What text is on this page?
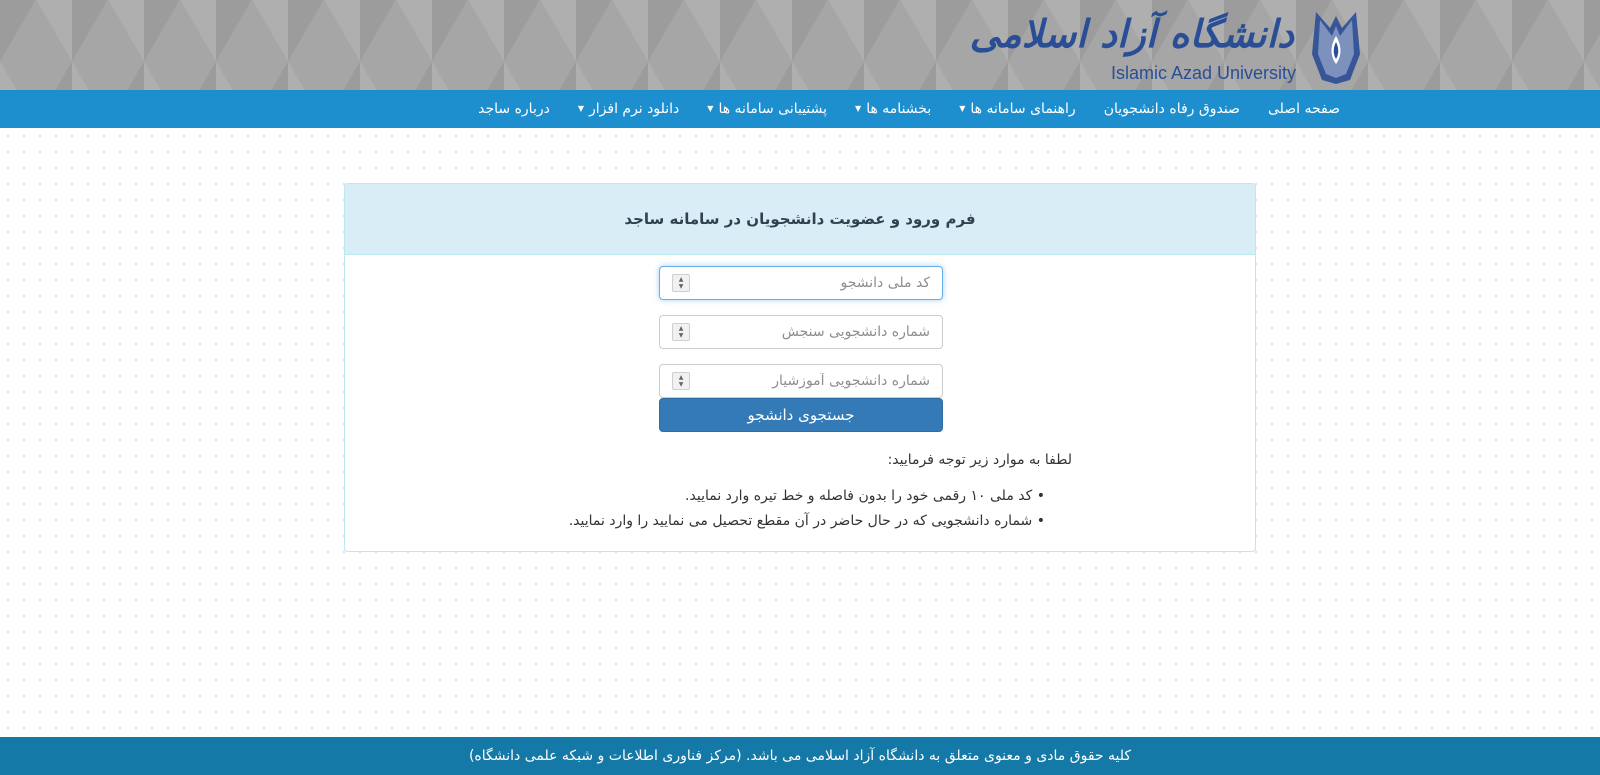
دانشگاه آزاد اسلامی
Islamic Azad University
صفحه اصلی
صندوق رفاه دانشجویان
راهنمای سامانه ها
▼
بخشنامه ها
▼
پشتیبانی سامانه ها
▼
دانلود نرم افزار
▼
درباره ساجد
فرم ورود و عضویت دانشجویان در سامانه ساجد
کد ملی دانشجو
▲
▼
شماره دانشجویی سنجش
▲
▼
شماره دانشجویی آموزشیار
▲
▼
جستجوی دانشجو

لطفا به موارد زیر توجه فرمایید:

• کد ملی ۱۰ رقمی خود را بدون فاصله و خط تیره وارد نمایید.
• شماره دانشجویی که در حال حاضر در آن مقطع تحصیل می نمایید را وارد نمایید.
کلیه حقوق مادی و معنوی متعلق به دانشگاه آزاد اسلامی می باشد. (مرکز فناوری اطلاعات و شبکه علمی دانشگاه)
